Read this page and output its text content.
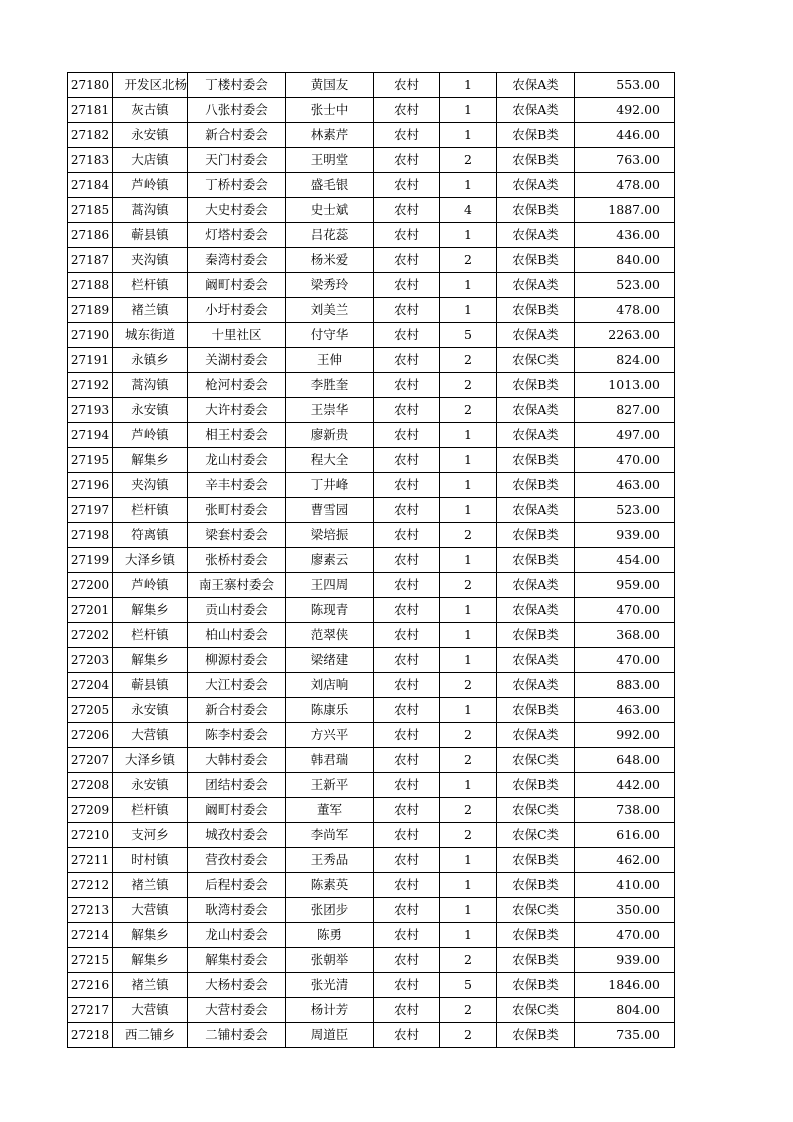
27180	开发区北杨	丁楼村委会	黄国友	农村	1	农保A类	553.00
27181	灰古镇	八张村委会	张士中	农村	1	农保A类	492.00
27182	永安镇	新合村委会	林素芹	农村	1	农保B类	446.00
27183	大店镇	天门村委会	王明堂	农村	2	农保B类	763.00
27184	芦岭镇	丁桥村委会	盛毛银	农村	1	农保A类	478.00
27185	蒿沟镇	大史村委会	史士斌	农村	4	农保B类	1887.00
27186	蕲县镇	灯塔村委会	吕花蕊	农村	1	农保A类	436.00
27187	夹沟镇	秦湾村委会	杨米爱	农村	2	农保B类	840.00
27188	栏杆镇	阚町村委会	梁秀玲	农村	1	农保A类	523.00
27189	褚兰镇	小圩村委会	刘美兰	农村	1	农保B类	478.00
27190	城东街道	十里社区	付守华	农村	5	农保A类	2263.00
27191	永镇乡	关湖村委会	王伸	农村	2	农保C类	824.00
27192	蒿沟镇	枪河村委会	李胜奎	农村	2	农保B类	1013.00
27193	永安镇	大许村委会	王崇华	农村	2	农保A类	827.00
27194	芦岭镇	相王村委会	廖新贵	农村	1	农保A类	497.00
27195	解集乡	龙山村委会	程大全	农村	1	农保B类	470.00
27196	夹沟镇	辛丰村委会	丁井峰	农村	1	农保B类	463.00
27197	栏杆镇	张町村委会	曹雪园	农村	1	农保A类	523.00
27198	符离镇	梁套村委会	梁培振	农村	2	农保B类	939.00
27199	大泽乡镇	张桥村委会	廖素云	农村	1	农保B类	454.00
27200	芦岭镇	南王寨村委会	王四周	农村	2	农保A类	959.00
27201	解集乡	贡山村委会	陈现青	农村	1	农保A类	470.00
27202	栏杆镇	柏山村委会	范翠侠	农村	1	农保B类	368.00
27203	解集乡	柳源村委会	梁绪建	农村	1	农保A类	470.00
27204	蕲县镇	大江村委会	刘店响	农村	2	农保A类	883.00
27205	永安镇	新合村委会	陈康乐	农村	1	农保B类	463.00
27206	大营镇	陈李村委会	方兴平	农村	2	农保A类	992.00
27207	大泽乡镇	大韩村委会	韩君瑞	农村	2	农保C类	648.00
27208	永安镇	团结村委会	王新平	农村	1	农保B类	442.00
27209	栏杆镇	阚町村委会	董军	农村	2	农保C类	738.00
27210	支河乡	城孜村委会	李尚军	农村	2	农保C类	616.00
27211	时村镇	营孜村委会	王秀品	农村	1	农保B类	462.00
27212	褚兰镇	后程村委会	陈素英	农村	1	农保B类	410.00
27213	大营镇	耿湾村委会	张团步	农村	1	农保C类	350.00
27214	解集乡	龙山村委会	陈勇	农村	1	农保B类	470.00
27215	解集乡	解集村委会	张朝举	农村	2	农保B类	939.00
27216	褚兰镇	大杨村委会	张光清	农村	5	农保B类	1846.00
27217	大营镇	大营村委会	杨计芳	农村	2	农保C类	804.00
27218	西二铺乡	二铺村委会	周道臣	农村	2	农保B类	735.00
